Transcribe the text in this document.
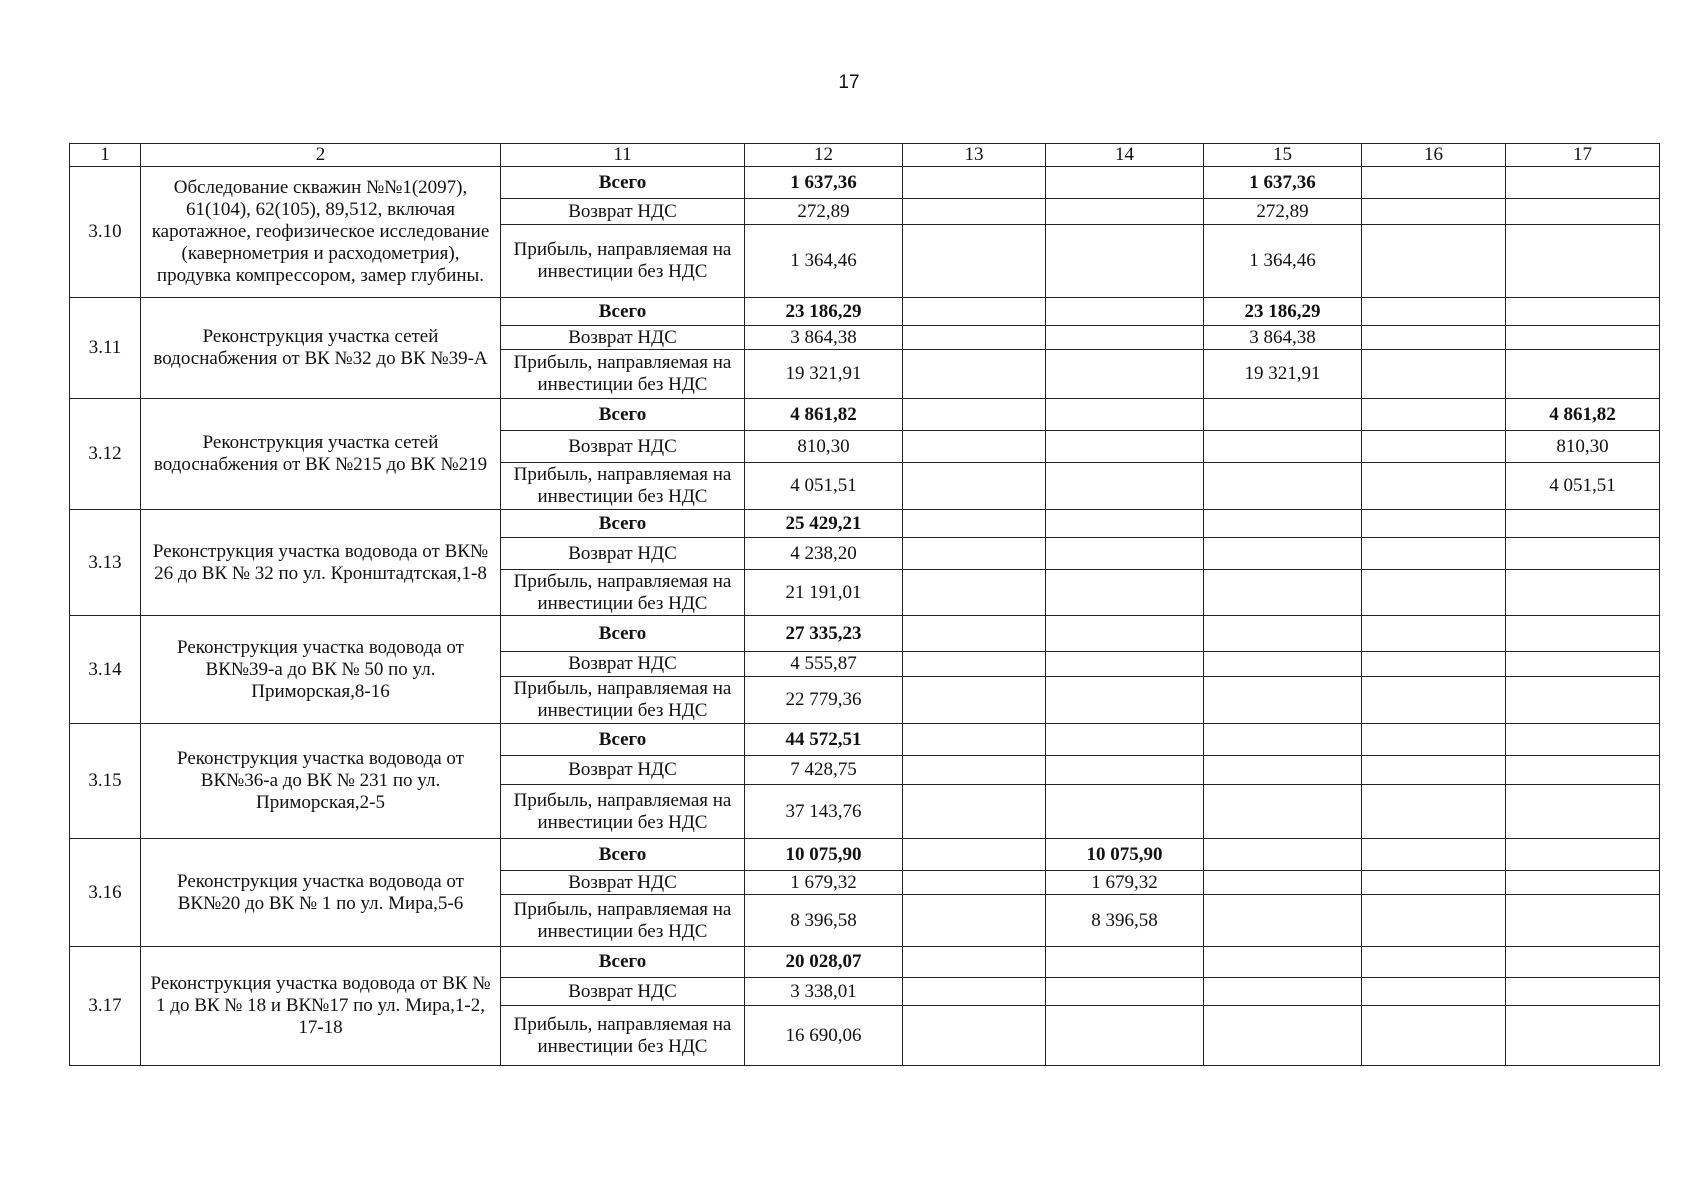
17
1	2	11	12	13	14	15	16	17
3.10	Обследование скважин №№1(2097), 61(104), 62(105), 89,512, включая каротажное, геофизическое исследование (кавернометрия и расходометрия), продувка компрессором, замер глубины.	Всего	1 637,36			1 637,36		
		Возврат НДС	272,89			272,89		
		Прибыль, направляемая на инвестиции без НДС	1 364,46			1 364,46		
3.11	Реконструкция участка сетей водоснабжения от ВК №32 до ВК №39-А	Всего	23 186,29			23 186,29		
		Возврат НДС	3 864,38			3 864,38		
		Прибыль, направляемая на инвестиции без НДС	19 321,91			19 321,91		
3.12	Реконструкция участка сетей водоснабжения от ВК №215 до ВК №219	Всего	4 861,82					4 861,82
		Возврат НДС	810,30					810,30
		Прибыль, направляемая на инвестиции без НДС	4 051,51					4 051,51
3.13	Реконструкция участка водовода от ВК№ 26 до ВК № 32 по ул. Кронштадтская,1-8	Всего	25 429,21					
		Возврат НДС	4 238,20					
		Прибыль, направляемая на инвестиции без НДС	21 191,01					
3.14	Реконструкция участка водовода от ВК№39-а до ВК № 50 по ул. Приморская,8-16	Всего	27 335,23					
		Возврат НДС	4 555,87					
		Прибыль, направляемая на инвестиции без НДС	22 779,36					
3.15	Реконструкция участка водовода от ВК№36-а до ВК № 231 по ул. Приморская,2-5	Всего	44 572,51					
		Возврат НДС	7 428,75					
		Прибыль, направляемая на инвестиции без НДС	37 143,76					
3.16	Реконструкция участка водовода от ВК№20 до ВК № 1 по ул. Мира,5-6	Всего	10 075,90		10 075,90			
		Возврат НДС	1 679,32		1 679,32			
		Прибыль, направляемая на инвестиции без НДС	8 396,58		8 396,58			
3.17	Реконструкция участка водовода от ВК № 1 до ВК № 18 и ВК№17 по ул. Мира,1-2, 17-18	Всего	20 028,07					
		Возврат НДС	3 338,01					
		Прибыль, направляемая на инвестиции без НДС	16 690,06					
